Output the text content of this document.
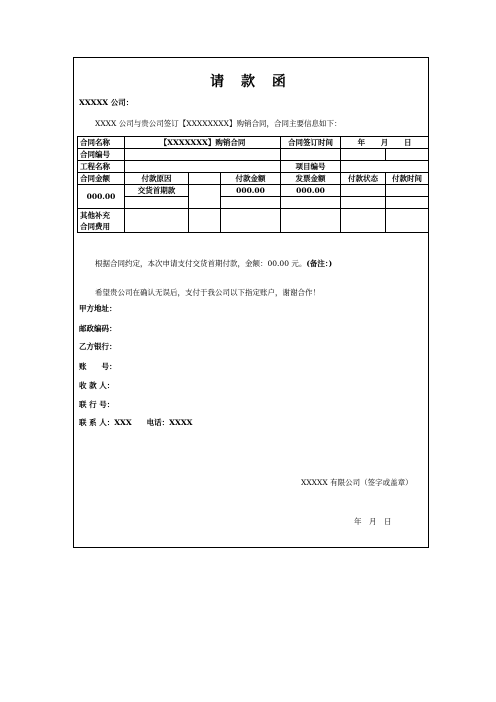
请 款 函
XXXXX 公司：
XXXX 公司与贵公司签订【XXXXXXXX】购销合同，合同主要信息如下：
合同名称	【XXXXXXX】购销合同			合同签订时间	年 月 日	
合同编号						
工程名称				项目编号		
合同金额	付款原因		付款金额	发票金额	付款状态	付款时间
000.00	交货首期款		000.00	000.00		

其他补充
合同费用						
根据合同约定，本次申请支付交货首期付款，金额：00.00 元。(备注：)
希望贵公司在确认无误后，支付于我公司以下指定账户，谢谢合作！
甲方地址：
邮政编码：
乙方银行：
账　　号：
收 款 人：
联 行 号：
联 系 人：XXX　　电话：XXXX
XXXXX 有限公司（签字或盖章）
年　月　日
